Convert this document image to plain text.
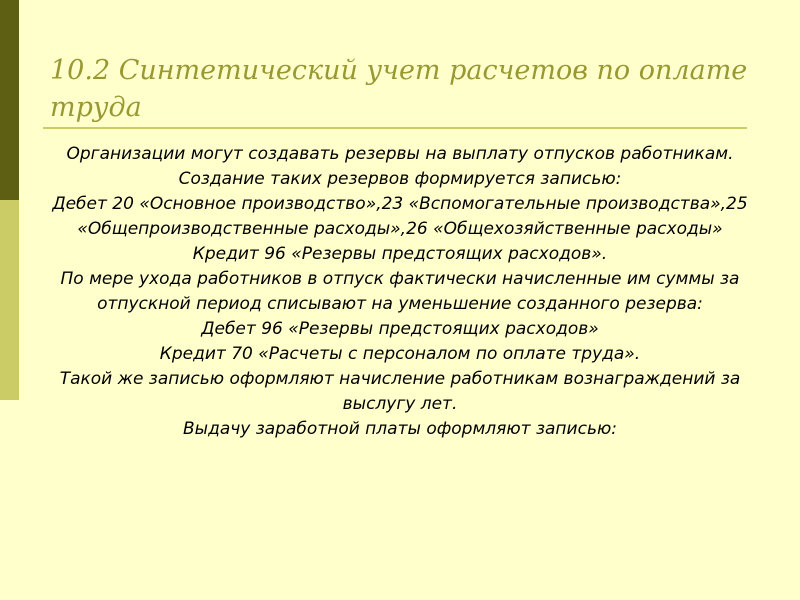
10.2 Синтетический учет расчетов по оплате труда

Организации могут создавать резервы на выплату отпусков работникам. Создание таких резервов формируется записью:

Дебет 20 «Основное производство»,23 «Вспомогательные производства»,25 «Общепроизводственные расходы»,26 «Общехозяйственные расходы»

Кредит 96 «Резервы предстоящих расходов».

По мере ухода работников в отпуск фактически начисленные им суммы за отпускной период списывают на уменьшение созданного резерва:

Дебет 96 «Резервы предстоящих расходов»

Кредит 70 «Расчеты с персоналом по оплате труда».

Такой же записью оформляют начисление работникам вознаграждений за выслугу лет.

Выдачу заработной платы оформляют записью:
